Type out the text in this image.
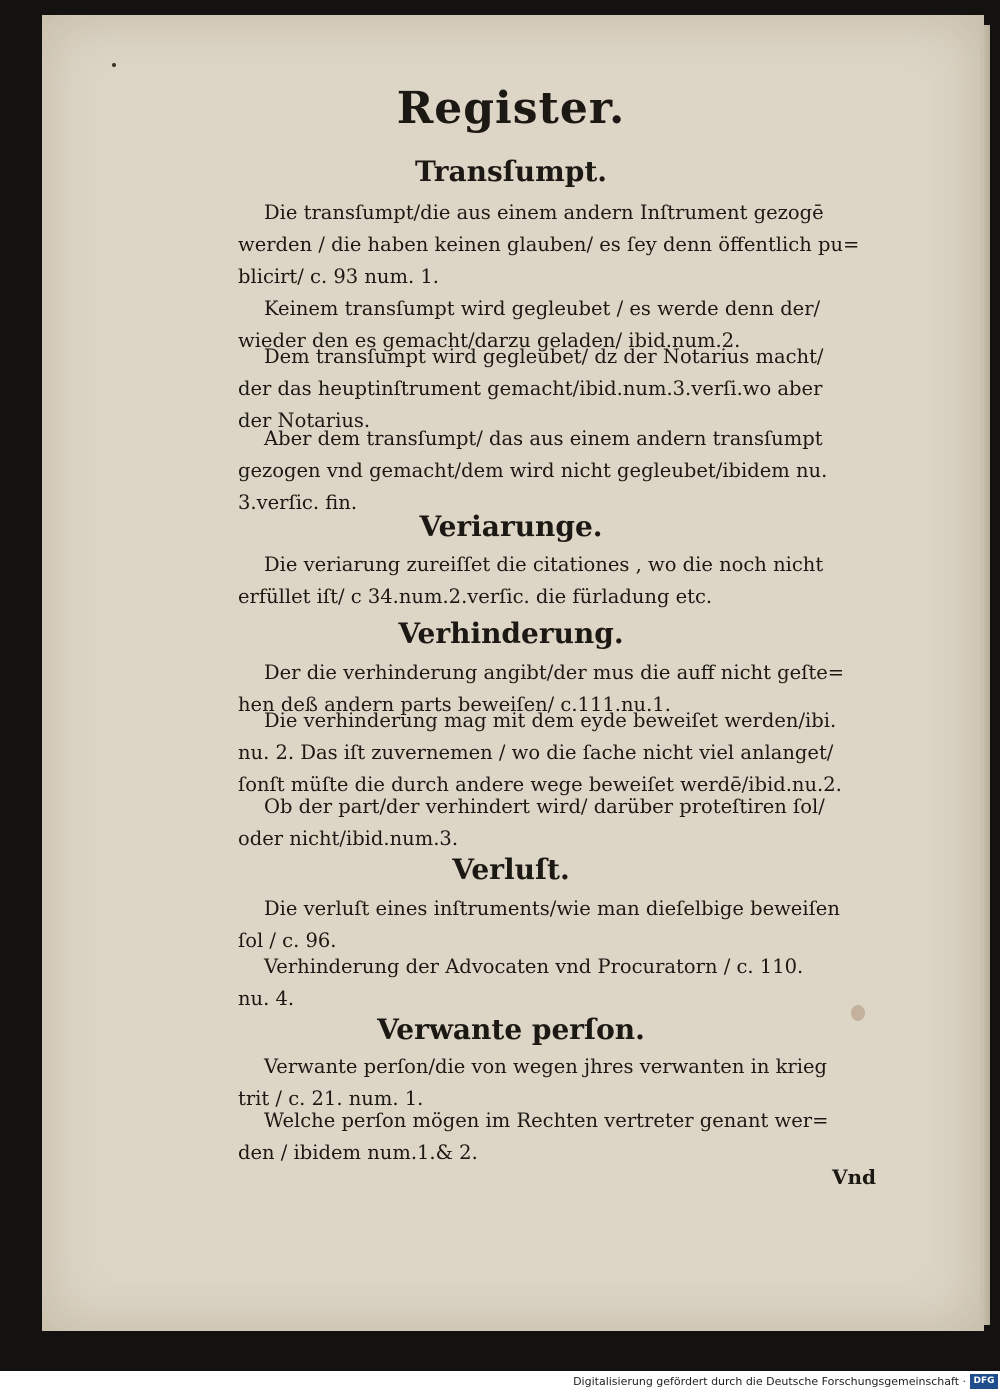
Register.
Transſumpt.
Die transſumpt/die aus einem andern Inſtrument gezogē
werden / die haben keinen glauben/ es ſey denn öffentlich pu=
blicirt/ c. 93 num. 1.
Keinem transſumpt wird gegleubet / es werde denn der/
wieder den es gemacht/darzu geladen/ ibid.num.2.
Dem transſumpt wird gegleubet/ dz der Notarius macht/
der das heuptinſtrument gemacht/ibid.num.3.verſi.wo aber
der Notarius.
Aber dem transſumpt/ das aus einem andern transſumpt
gezogen vnd gemacht/dem wird nicht gegleubet/ibidem nu.
3.verſic. fin.
Veriarunge.
Die veriarung zureiſſet die citationes , wo die noch nicht
erfüllet iſt/ c 34.num.2.verſic. die fürladung etc.
Verhinderung.
Der die verhinderung angibt/der mus die auff nicht geſte=
hen deß andern parts beweiſen/ c.111.nu.1.
Die verhinderung mag mit dem eyde beweiſet werden/ibi.
nu. 2. Das iſt zuvernemen / wo die ſache nicht viel anlanget/
ſonſt müſte die durch andere wege beweiſet werdē/ibid.nu.2.
Ob der part/der verhindert wird/ darüber proteſtiren ſol/
oder nicht/ibid.num.3.
Verluſt.
Die verluſt eines inſtruments/wie man dieſelbige beweiſen
ſol / c. 96.
Verhinderung der Advocaten vnd Procuratorn / c. 110.
nu. 4.
Verwante perſon.
Verwante perſon/die von wegen jhres verwanten in krieg
trit / c. 21. num. 1.
Welche perſon mögen im Rechten vertreter genant wer=
den / ibidem num.1.& 2.
Vnd
Digitalisierung gefördert durch die Deutsche Forschungsgemeinschaft · DFG
